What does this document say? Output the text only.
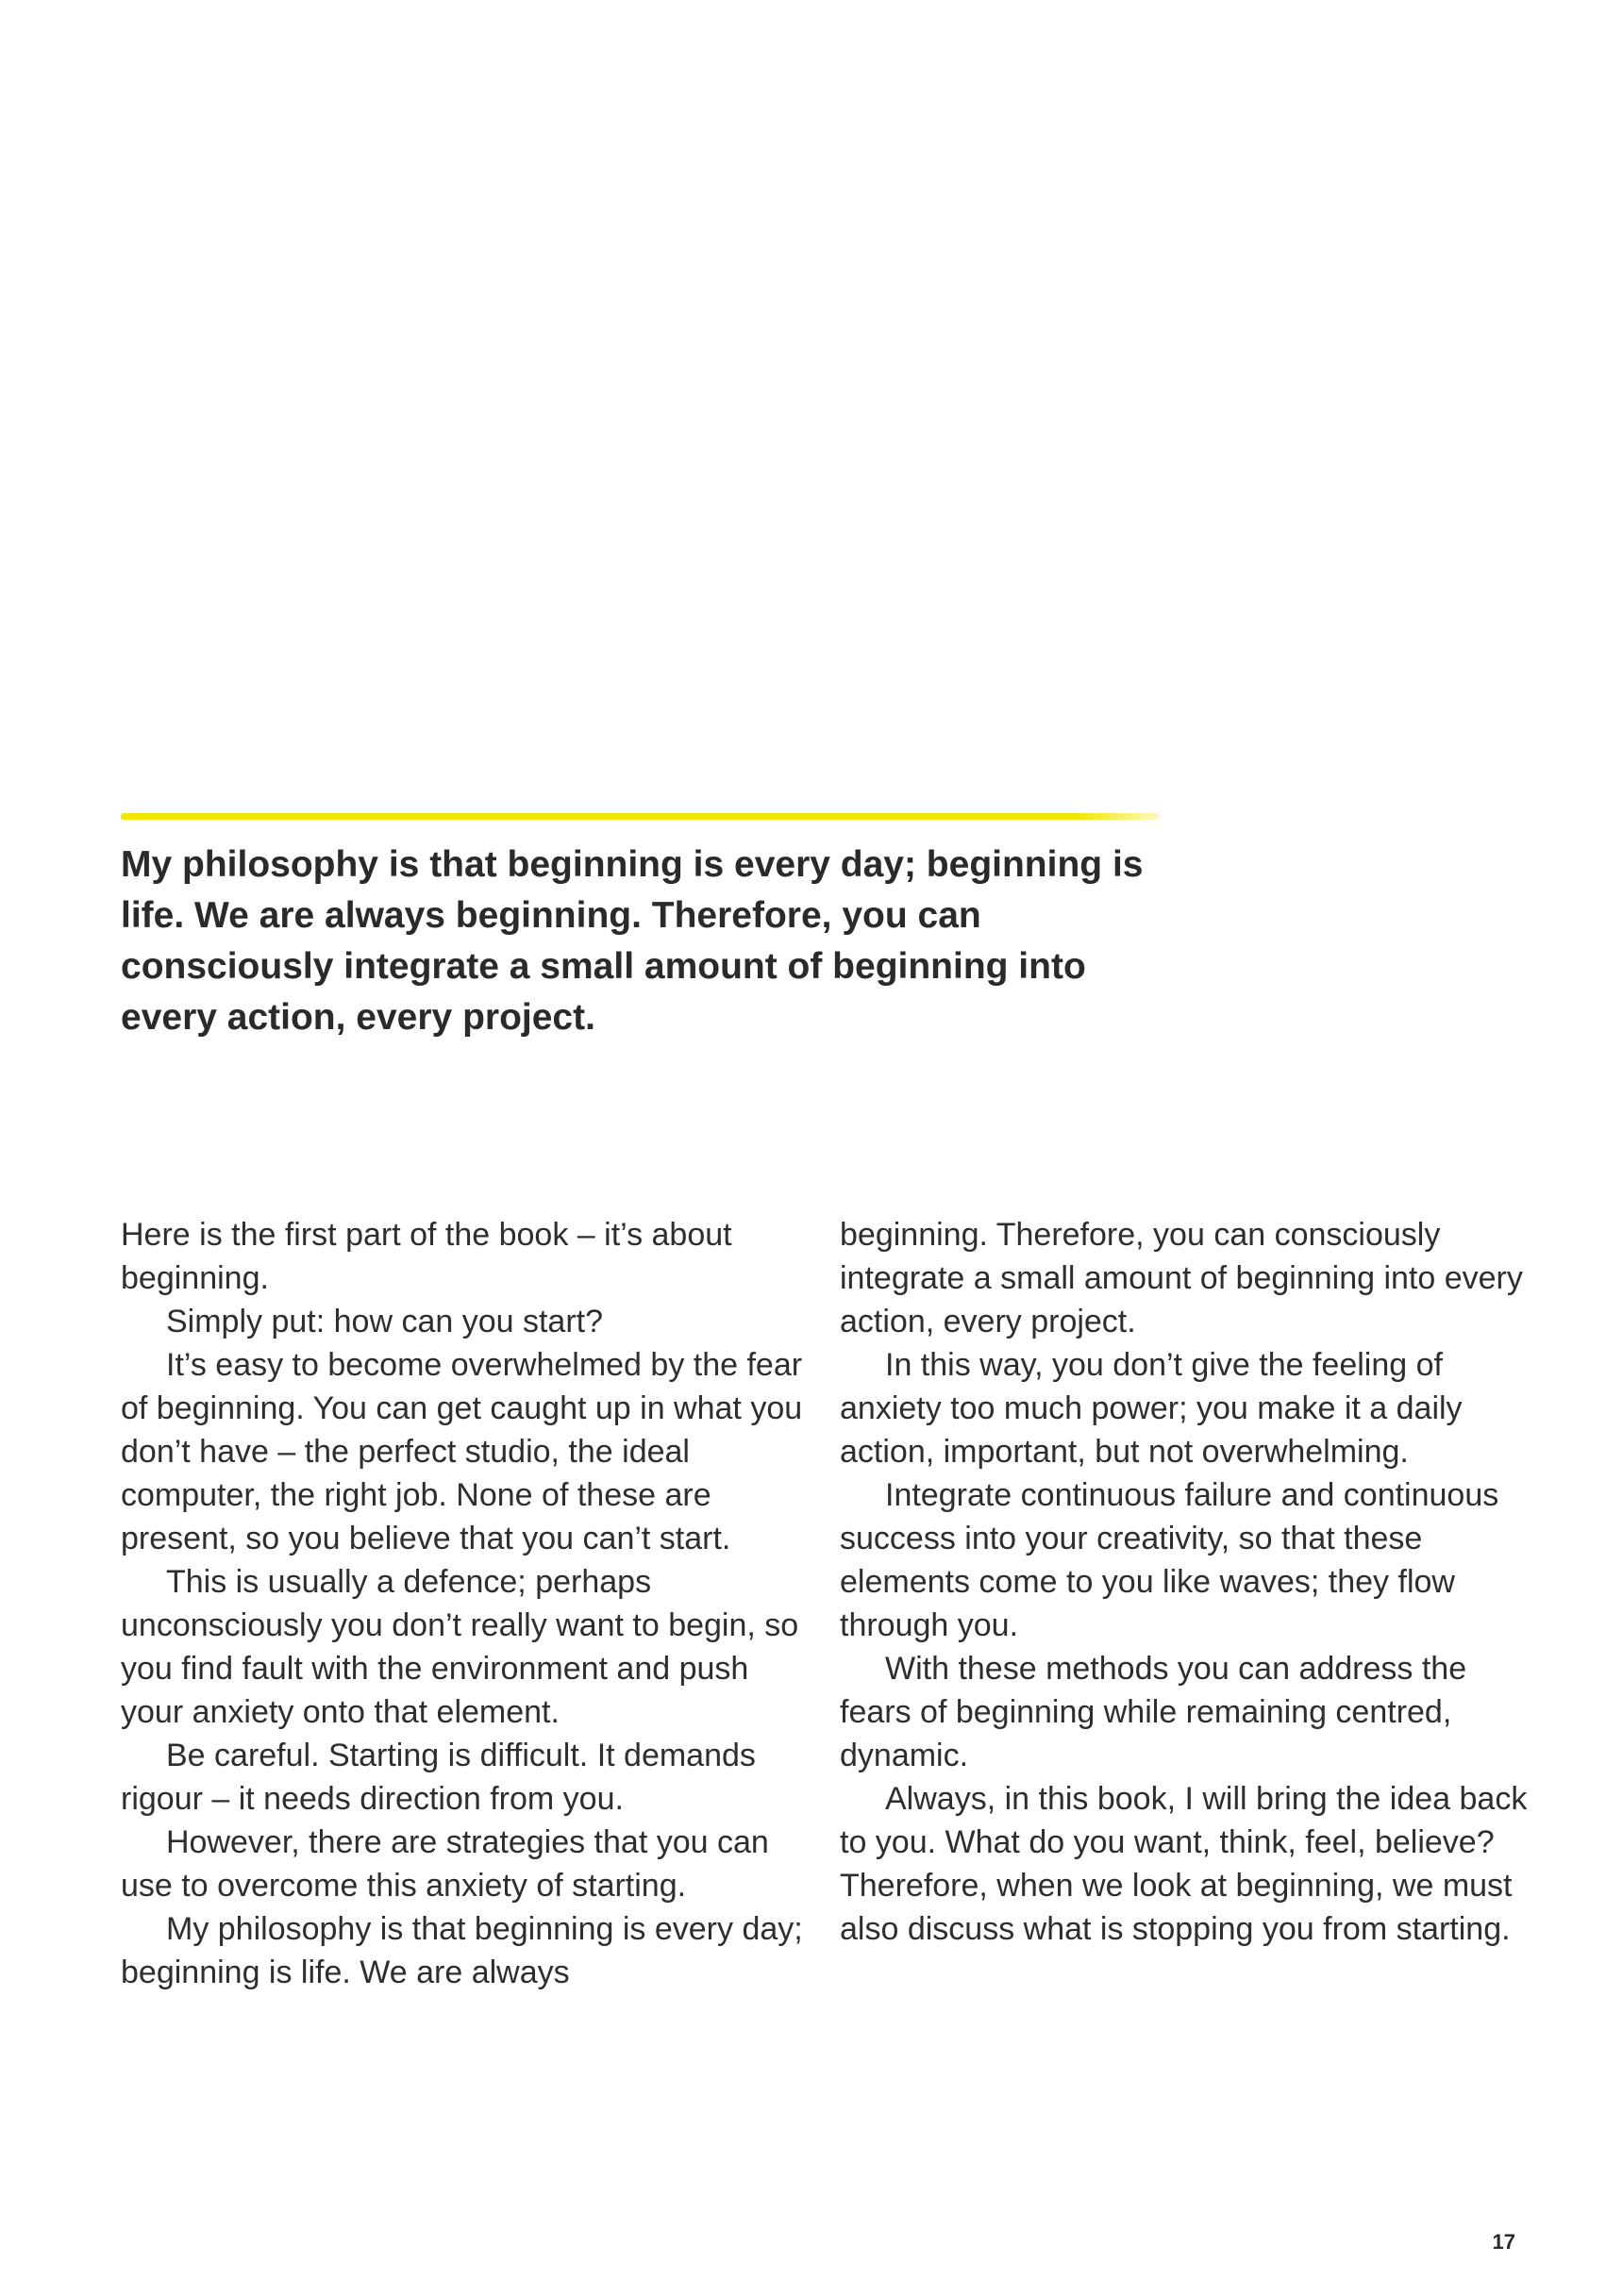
My philosophy is that beginning is every day; beginning is life. We are always beginning. Therefore, you can consciously integrate a small amount of beginning into every action, every project.

Here is the first part of the book – it’s about beginning.

Simply put: how can you start?

It’s easy to become overwhelmed by the fear of beginning. You can get caught up in what you don’t have – the perfect studio, the ideal computer, the right job. None of these are present, so you believe that you can’t start.

This is usually a defence; perhaps unconsciously you don’t really want to begin, so you find fault with the environment and push your anxiety onto that element.

Be careful. Starting is difficult. It demands rigour – it needs direction from you.

However, there are strategies that you can use to overcome this anxiety of starting.

My philosophy is that beginning is every day; beginning is life. We are always

beginning. Therefore, you can consciously integrate a small amount of beginning into every action, every project.

In this way, you don’t give the feeling of anxiety too much power; you make it a daily action, important, but not overwhelming.

Integrate continuous failure and continuous success into your creativity, so that these elements come to you like waves; they flow through you.

With these methods you can address the fears of beginning while remaining centred, dynamic.

Always, in this book, I will bring the idea back to you. What do you want, think, feel, believe? Therefore, when we look at beginning, we must also discuss what is stopping you from starting.

17
